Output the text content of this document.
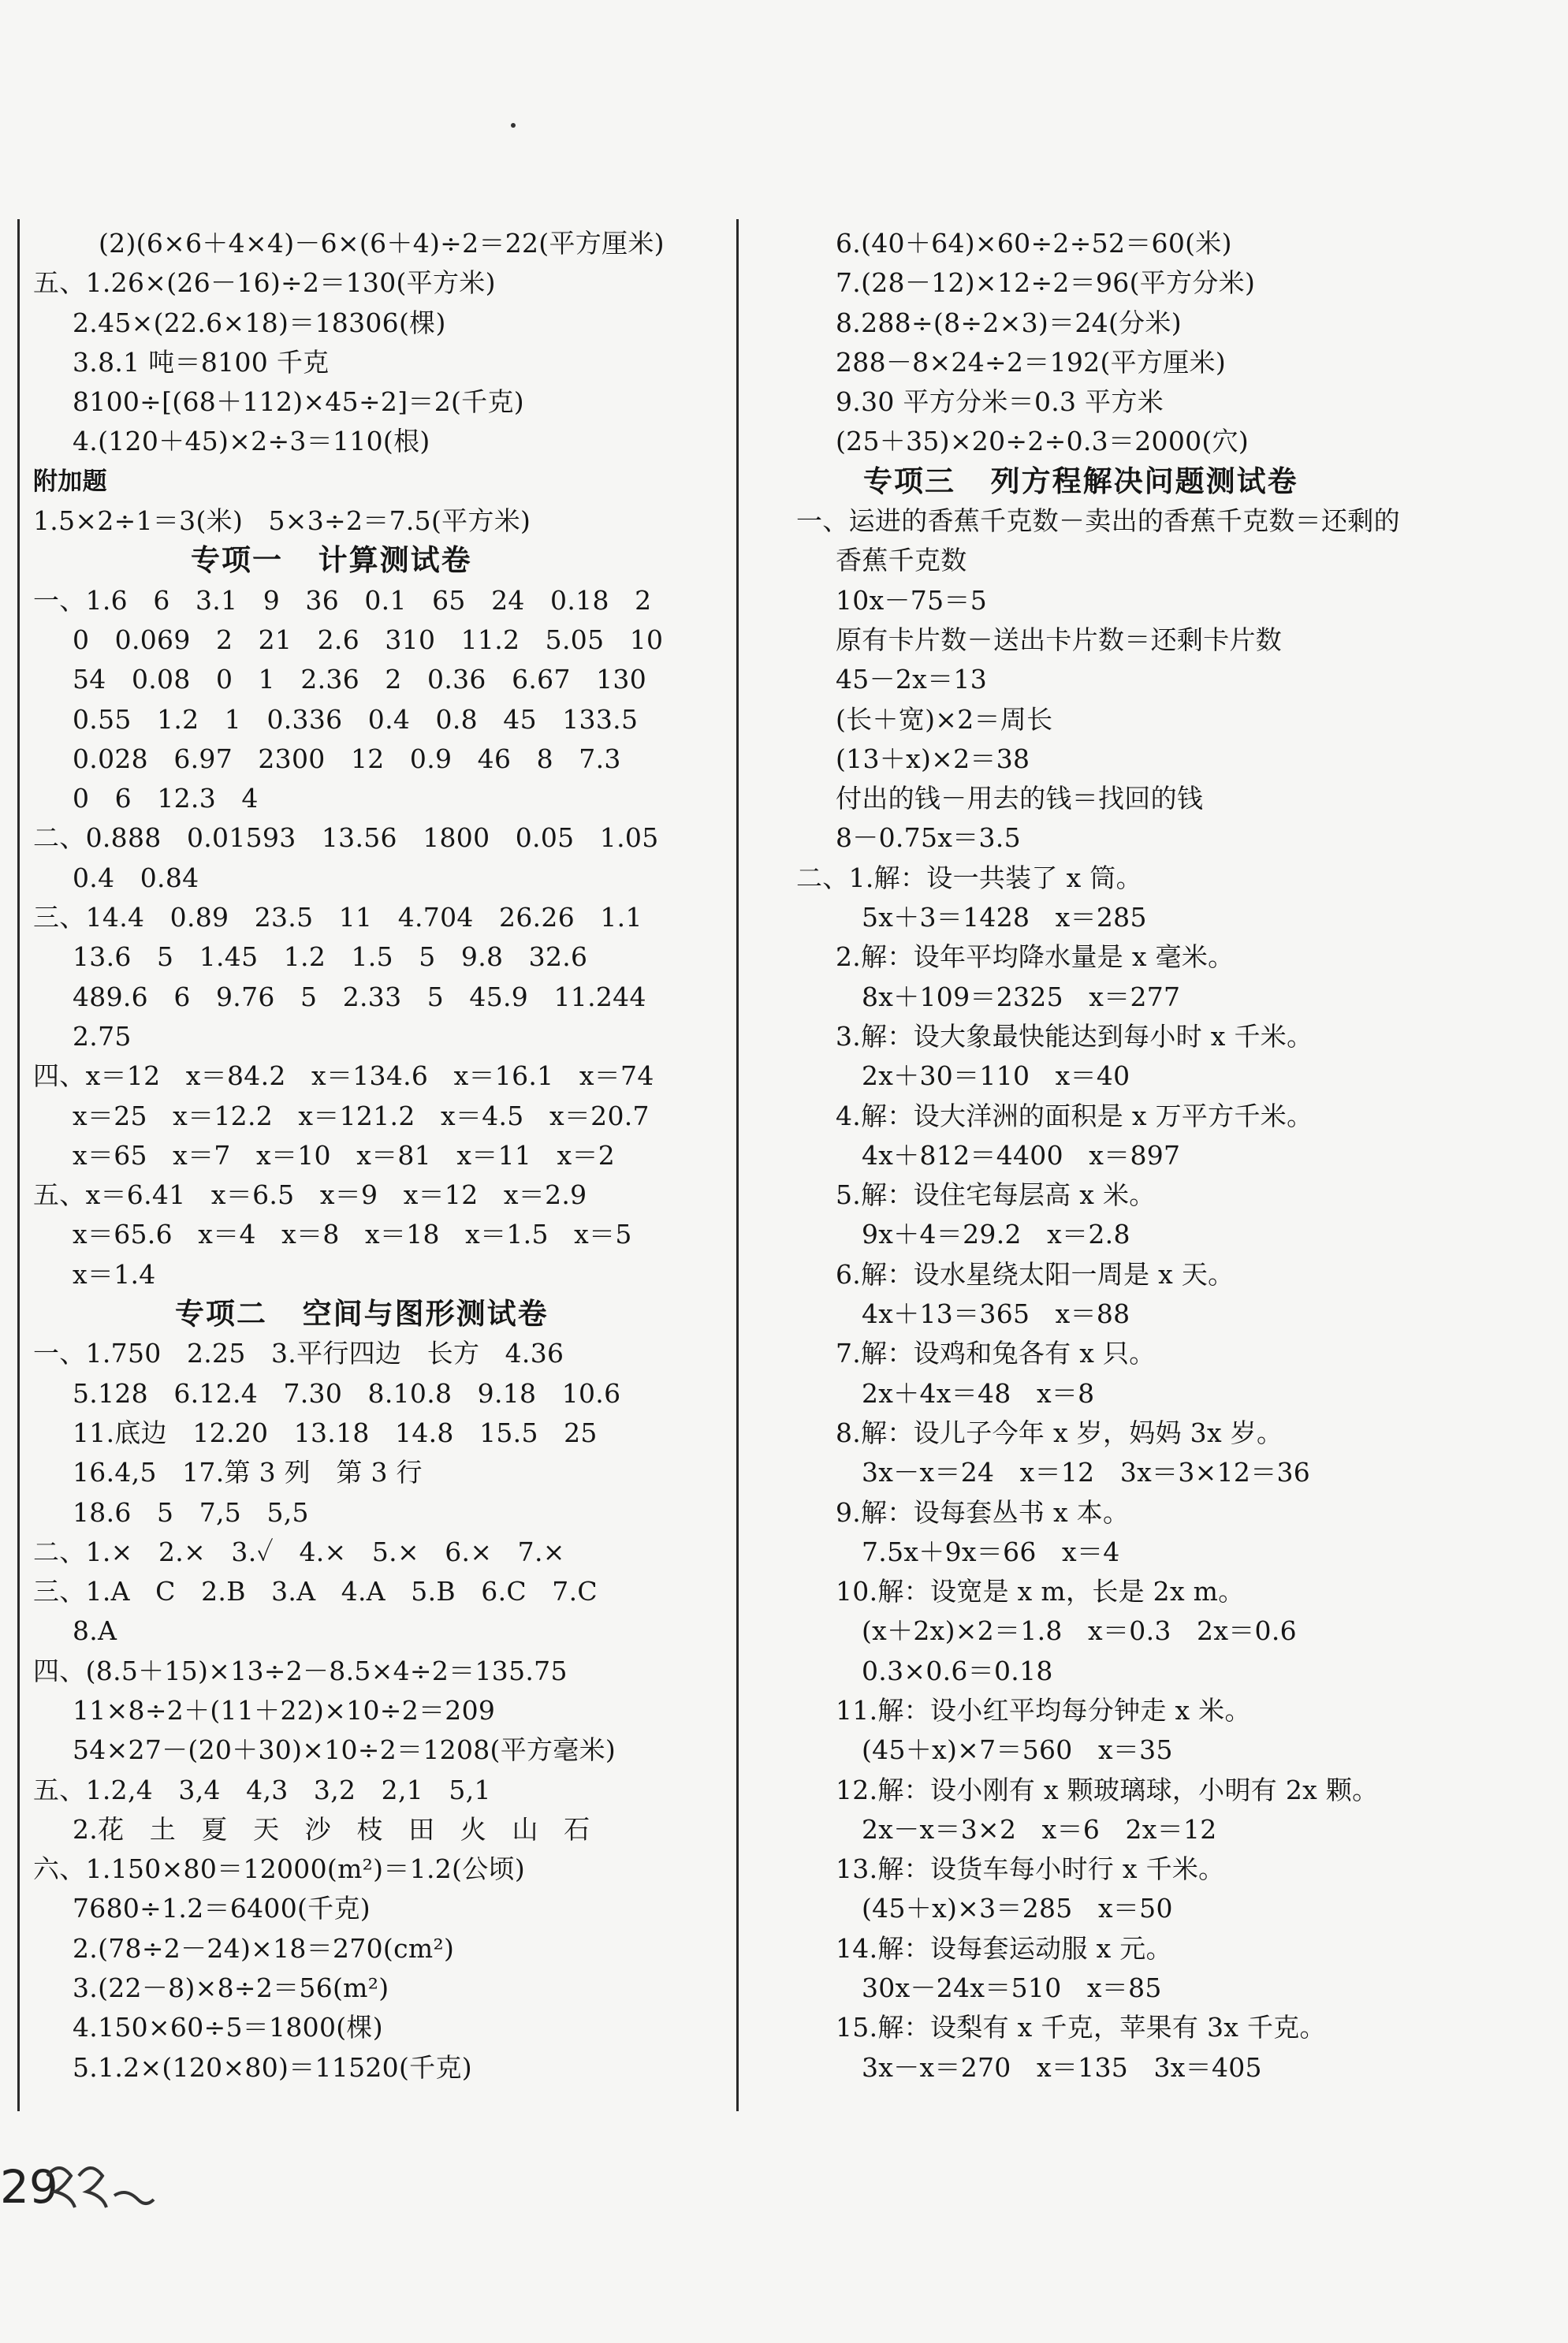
(2)(6×6＋4×4)－6×(6＋4)÷2＝22(平方厘米)
五、1.26×(26－16)÷2＝130(平方米)
2.45×(22.6×18)＝18306(棵)
3.8.1 吨＝8100 千克
8100÷[(68＋112)×45÷2]＝2(千克)
4.(120＋45)×2÷3＝110(根)
附加题
1.5×2÷1＝3(米)   5×3÷2＝7.5(平方米)
专项一   计算测试卷
一、1.6   6   3.1   9   36   0.1   65   24   0.18   2
0   0.069   2   21   2.6   310   11.2   5.05   10
54   0.08   0   1   2.36   2   0.36   6.67   130
0.55   1.2   1   0.336   0.4   0.8   45   133.5
0.028   6.97   2300   12   0.9   46   8   7.3
0   6   12.3   4
二、0.888   0.01593   13.56   1800   0.05   1.05
0.4   0.84
三、14.4   0.89   23.5   11   4.704   26.26   1.1
13.6   5   1.45   1.2   1.5   5   9.8   32.6
489.6   6   9.76   5   2.33   5   45.9   11.244
2.75
四、x＝12   x＝84.2   x＝134.6   x＝16.1   x＝74
x＝25   x＝12.2   x＝121.2   x＝4.5   x＝20.7
x＝65   x＝7   x＝10   x＝81   x＝11   x＝2
五、x＝6.41   x＝6.5   x＝9   x＝12   x＝2.9
x＝65.6   x＝4   x＝8   x＝18   x＝1.5   x＝5
x＝1.4
专项二   空间与图形测试卷
一、1.750   2.25   3.平行四边   长方   4.36
5.128   6.12.4   7.30   8.10.8   9.18   10.6
11.底边   12.20   13.18   14.8   15.5   25
16.4,5   17.第 3 列   第 3 行
18.6   5   7,5   5,5
二、1.×   2.×   3.✓   4.×   5.×   6.×   7.×
三、1.A   C   2.B   3.A   4.A   5.B   6.C   7.C
8.A
四、(8.5＋15)×13÷2－8.5×4÷2＝135.75
11×8÷2＋(11＋22)×10÷2＝209
54×27－(20＋30)×10÷2＝1208(平方毫米)
五、1.2,4   3,4   4,3   3,2   2,1   5,1
2.花   土   夏   天   沙   枝   田   火   山   石
六、1.150×80＝12000(m²)＝1.2(公顷)
7680÷1.2＝6400(千克)
2.(78÷2－24)×18＝270(cm²)
3.(22－8)×8÷2＝56(m²)
4.150×60÷5＝1800(棵)
5.1.2×(120×80)＝11520(千克)
6.(40＋64)×60÷2÷52＝60(米)
7.(28－12)×12÷2＝96(平方分米)
8.288÷(8÷2×3)＝24(分米)
288－8×24÷2＝192(平方厘米)
9.30 平方分米＝0.3 平方米
(25＋35)×20÷2÷0.3＝2000(穴)
专项三   列方程解决问题测试卷
一、运进的香蕉千克数－卖出的香蕉千克数＝还剩的
香蕉千克数
10x－75＝5
原有卡片数－送出卡片数＝还剩卡片数
45－2x＝13
(长＋宽)×2＝周长
(13＋x)×2＝38
付出的钱－用去的钱＝找回的钱
8－0.75x＝3.5
二、1.解：设一共装了 x 筒。
5x＋3＝1428   x＝285
2.解：设年平均降水量是 x 毫米。
8x＋109＝2325   x＝277
3.解：设大象最快能达到每小时 x 千米。
2x＋30＝110   x＝40
4.解：设大洋洲的面积是 x 万平方千米。
4x＋812＝4400   x＝897
5.解：设住宅每层高 x 米。
9x＋4＝29.2   x＝2.8
6.解：设水星绕太阳一周是 x 天。
4x＋13＝365   x＝88
7.解：设鸡和兔各有 x 只。
2x＋4x＝48   x＝8
8.解：设儿子今年 x 岁，妈妈 3x 岁。
3x－x＝24   x＝12   3x＝3×12＝36
9.解：设每套丛书 x 本。
7.5x＋9x＝66   x＝4
10.解：设宽是 x m，长是 2x m。
(x＋2x)×2＝1.8   x＝0.3   2x＝0.6
0.3×0.6＝0.18
11.解：设小红平均每分钟走 x 米。
(45＋x)×7＝560   x＝35
12.解：设小刚有 x 颗玻璃球，小明有 2x 颗。
2x－x＝3×2   x＝6   2x＝12
13.解：设货车每小时行 x 千米。
(45＋x)×3＝285   x＝50
14.解：设每套运动服 x 元。
30x－24x＝510   x＝85
15.解：设梨有 x 千克，苹果有 3x 千克。
3x－x＝270   x＝135   3x＝405
29
